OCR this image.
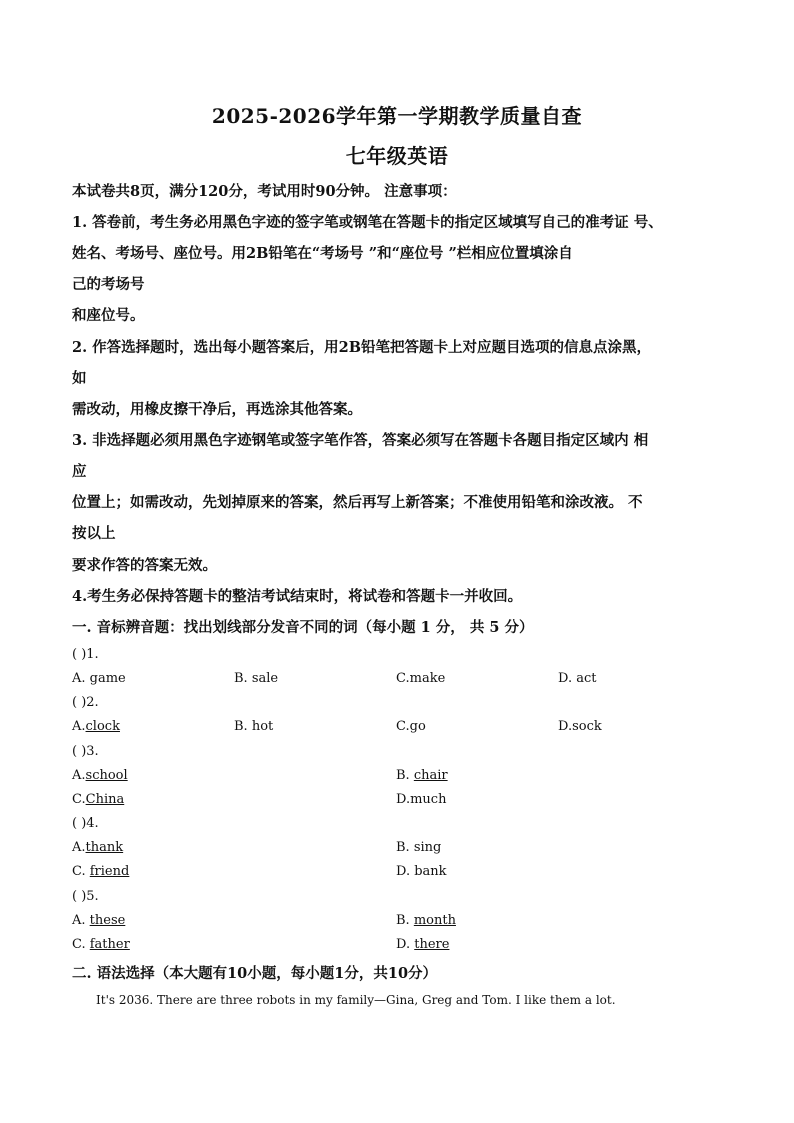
2025-2026学年第一学期教学质量自查
七年级英语
本试卷共8页，满分120分，考试用时90分钟。 注意事项：
1. 答卷前，考生务必用黑色字迹的签字笔或钢笔在答题卡的指定区域填写自己的准考证 号、
姓名、考场号、座位号。用2B铅笔在“考场号 ”和“座位号 ”栏相应位置填涂自
己的考场号
和座位号。
2. 作答选择题时，选出每小题答案后，用2B铅笔把答题卡上对应题目选项的信息点涂黑，
如
需改动，用橡皮擦干净后，再选涂其他答案。
3. 非选择题必须用黑色字迹钢笔或签字笔作答，答案必须写在答题卡各题目指定区域内 相
应
位置上；如需改动，先划掉原来的答案，然后再写上新答案；不准使用铅笔和涂改液。 不
按以上
要求作答的答案无效。
4.考生务必保持答题卡的整洁考试结束时，将试卷和答题卡一并收回。
一. 音标辨音题：找出划线部分发音不同的词（每小题 1 分， 共 5 分）
( )1.
A. game	B. sale	C.make	D. act
( )2.
A.clock	B. hot	C.go	D.sock
( )3.
A.school	B. chair
C.China	D.much
( )4.
A.thank	B. sing
C. friend	D. bank
( )5.
A. these	B. month
C. father	D. there
二. 语法选择（本大题有10小题，每小题1分，共10分）
It's 2036. There are three robots in my family—Gina, Greg and Tom. I like them a lot.
